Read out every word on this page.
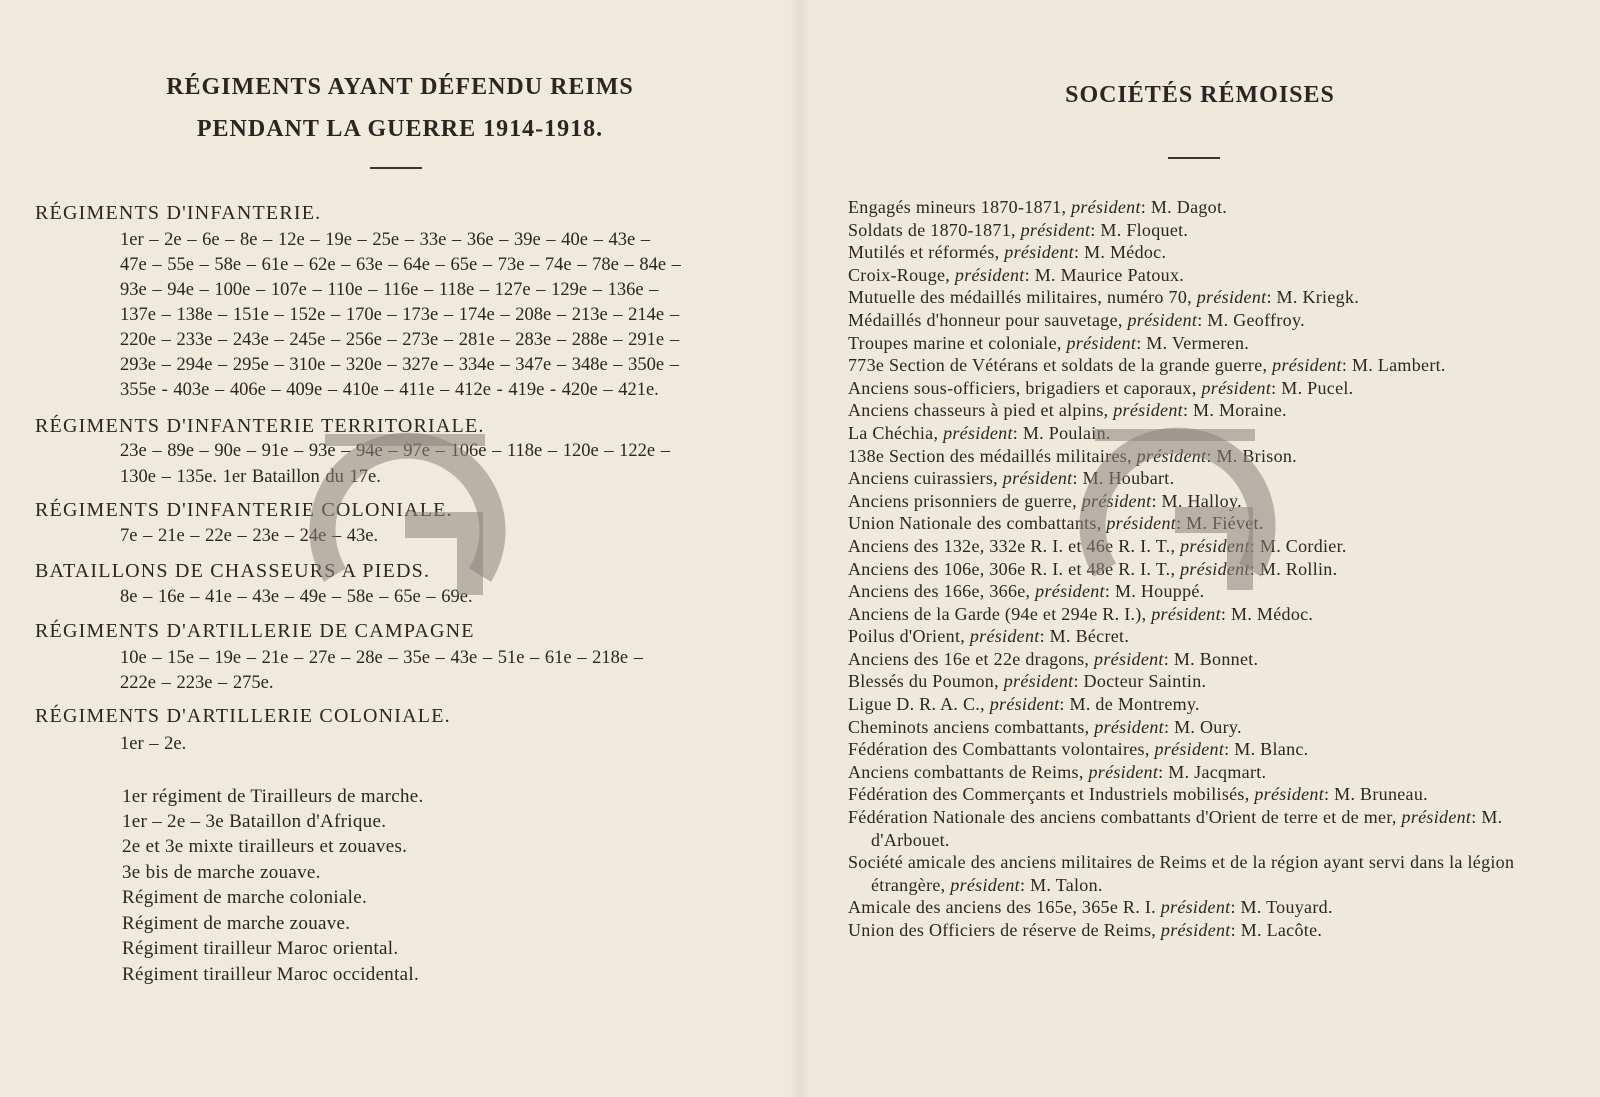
RÉGIMENTS AYANT DÉFENDU REIMS
PENDANT LA GUERRE 1914-1918.
RÉGIMENTS D'INFANTERIE.
1er – 2e – 6e – 8e – 12e – 19e – 25e – 33e – 36e – 39e – 40e – 43e –
47e – 55e – 58e – 61e – 62e – 63e – 64e – 65e – 73e – 74e – 78e – 84e –
93e – 94e – 100e – 107e – 110e – 116e – 118e – 127e – 129e – 136e –
137e – 138e – 151e – 152e – 170e – 173e – 174e – 208e – 213e – 214e –
220e – 233e – 243e – 245e – 256e – 273e – 281e – 283e – 288e – 291e –
293e – 294e – 295e – 310e – 320e – 327e – 334e – 347e – 348e – 350e –
355e - 403e – 406e – 409e – 410e – 411e – 412e - 419e - 420e – 421e.
RÉGIMENTS D'INFANTERIE TERRITORIALE.
23e – 89e – 90e – 91e – 93e – 94e – 97e – 106e – 118e – 120e – 122e –
130e – 135e. 1er Bataillon du 17e.
RÉGIMENTS D'INFANTERIE COLONIALE.
7e – 21e – 22e – 23e – 24e – 43e.
BATAILLONS DE CHASSEURS A PIEDS.
8e – 16e – 41e – 43e – 49e – 58e – 65e – 69e.
RÉGIMENTS D'ARTILLERIE DE CAMPAGNE
10e – 15e – 19e – 21e – 27e – 28e – 35e – 43e – 51e – 61e – 218e –
222e – 223e – 275e.
RÉGIMENTS D'ARTILLERIE COLONIALE.
1er – 2e.
1er régiment de Tirailleurs de marche.
1er – 2e – 3e Bataillon d'Afrique.
2e et 3e mixte tirailleurs et zouaves.
3e bis de marche zouave.
Régiment de marche coloniale.
Régiment de marche zouave.
Régiment tirailleur Maroc oriental.
Régiment tirailleur Maroc occidental.
SOCIÉTÉS RÉMOISES
Engagés mineurs 1870-1871, président: M. Dagot.
Soldats de 1870-1871, président: M. Floquet.
Mutilés et réformés, président: M. Médoc.
Croix-Rouge, président: M. Maurice Patoux.
Mutuelle des médaillés militaires, numéro 70, président: M. Kriegk.
Médaillés d'honneur pour sauvetage, président: M. Geoffroy.
Troupes marine et coloniale, président: M. Vermeren.
773e Section de Vétérans et soldats de la grande guerre, président: M. Lambert.
Anciens sous-officiers, brigadiers et caporaux, président: M. Pucel.
Anciens chasseurs à pied et alpins, président: M. Moraine.
La Chéchia, président: M. Poulain.
138e Section des médaillés militaires, président: M. Brison.
Anciens cuirassiers, président: M. Houbart.
Anciens prisonniers de guerre, président: M. Halloy.
Union Nationale des combattants, président: M. Fiévet.
Anciens des 132e, 332e R. I. et 46e R. I. T., président: M. Cordier.
Anciens des 106e, 306e R. I. et 48e R. I. T., président: M. Rollin.
Anciens des 166e, 366e, président: M. Houppé.
Anciens de la Garde (94e et 294e R. I.), président: M. Médoc.
Poilus d'Orient, président: M. Bécret.
Anciens des 16e et 22e dragons, président: M. Bonnet.
Blessés du Poumon, président: Docteur Saintin.
Ligue D. R. A. C., président: M. de Montremy.
Cheminots anciens combattants, président: M. Oury.
Fédération des Combattants volontaires, président: M. Blanc.
Anciens combattants de Reims, président: M. Jacqmart.
Fédération des Commerçants et Industriels mobilisés, président: M. Bruneau.
Fédération Nationale des anciens combattants d'Orient de terre et de mer, président: M. d'Arbouet.
Société amicale des anciens militaires de Reims et de la région ayant servi dans la légion étrangère, président: M. Talon.
Amicale des anciens des 165e, 365e R. I. président: M. Touyard.
Union des Officiers de réserve de Reims, président: M. Lacôte.
